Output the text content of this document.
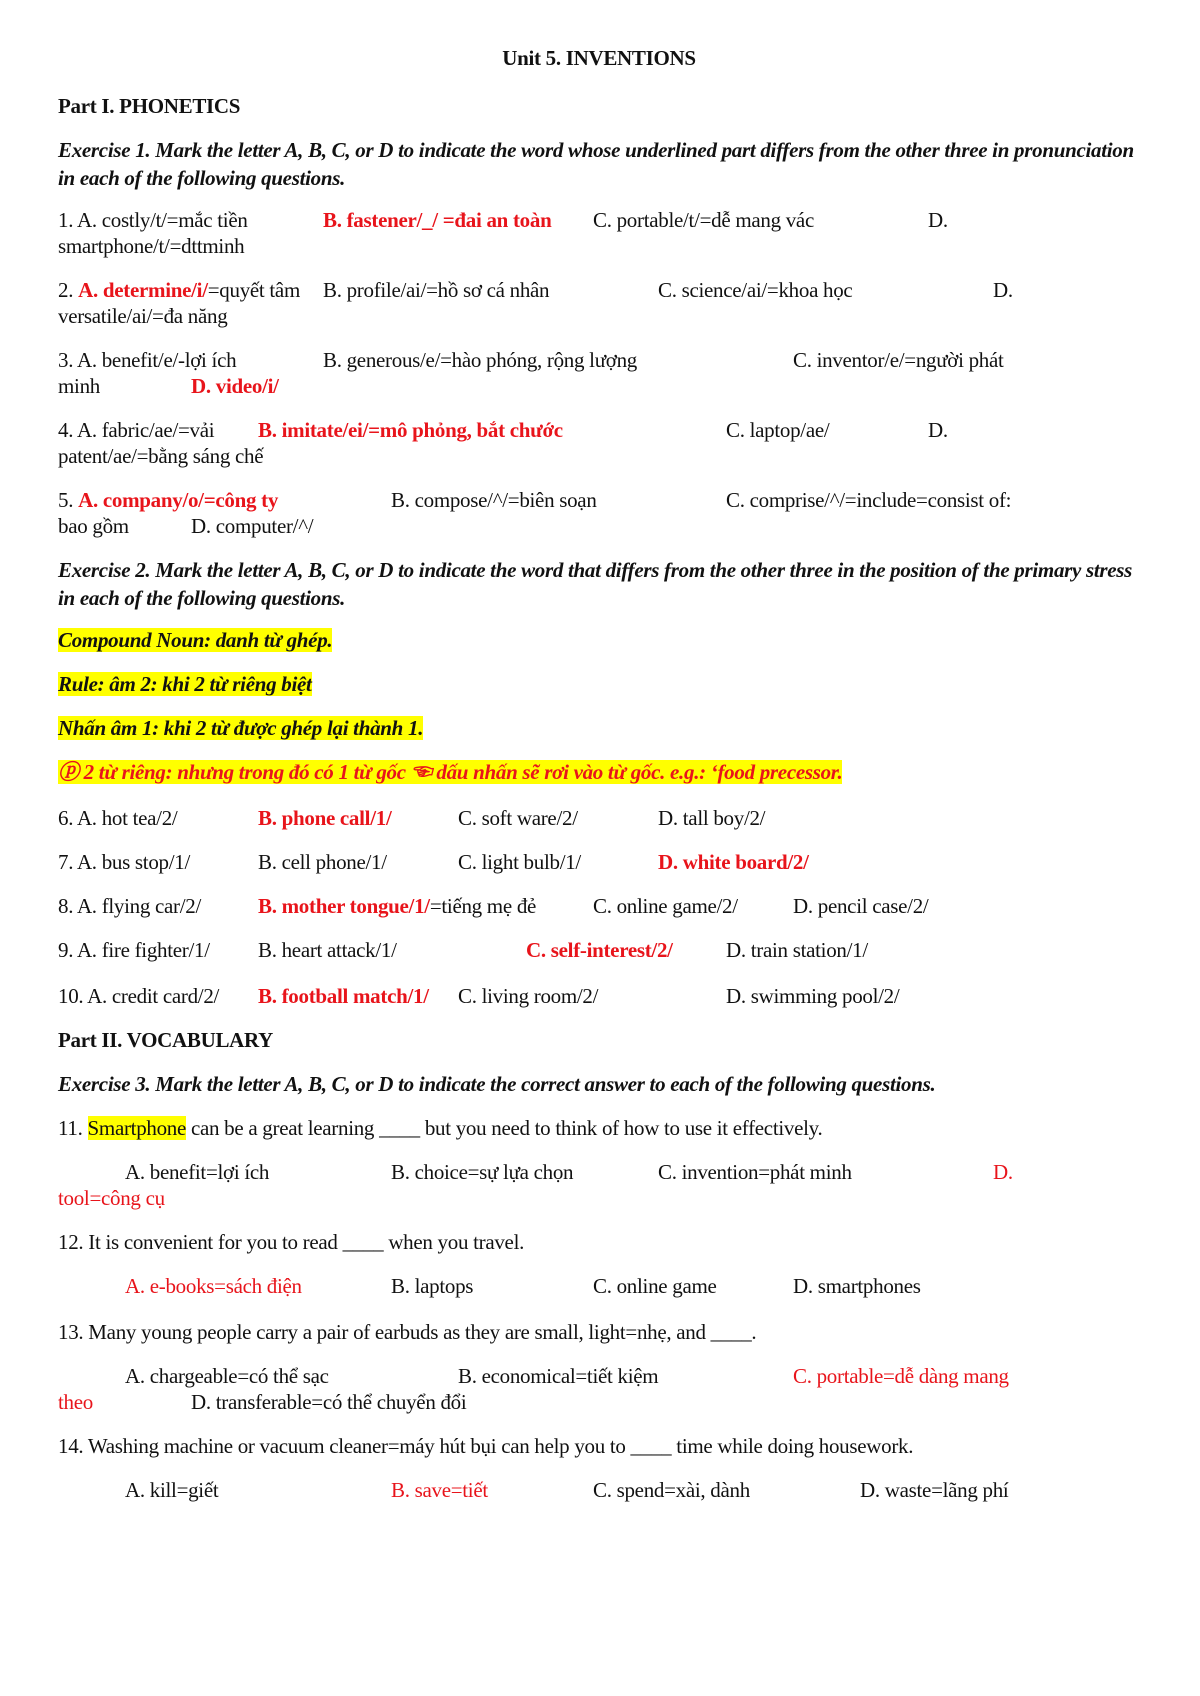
Unit 5. INVENTIONS
Part I. PHONETICS
Exercise 1. Mark the letter A, B, C, or D to indicate the word whose underlined part differs from the other three in pronunciation in each of the following questions.
1. A. costly/t/=mắc tiền	B. fastener/_/ =đai an toàn C. portable/t/=dễ mang vác	D.
smartphone/t/=dttminh
2. A. determine/i/=quyết tâm B. profile/ai/=hồ sơ cá nhân	C. science/ai/=khoa học	D.
versatile/ai/=đa năng
3. A. benefit/e/-lợi ích	B. generous/e/=hào phóng, rộng lượng	C. inventor/e/=người phát
minh	D. video/i/
4. A. fabric/ae/=vải B. imitate/ei/=mô phỏng, bắt chước	C. laptop/ae/	D.
patent/ae/=bằng sáng chế
5. A. company/o/=công ty	B. compose/^/=biên soạn	C. comprise/^/=include=consist of:
bao gồm	D. computer/^/
Exercise 2. Mark the letter A, B, C, or D to indicate the word that differs from the other three in the position of the primary stress in each of the following questions.
Compound Noun: danh từ ghép.
Rule: âm 2: khi 2 từ riêng biệt
Nhấn âm 1: khi 2 từ được ghép lại thành 1.
ⓟ 2 từ riêng: nhưng trong đó có 1 từ gốc ☜ dấu nhấn sẽ rơi vào từ gốc. e.g.: ‘food precessor.
6. A. hot tea/2/	B. phone call/1/	C. soft ware/2/	D. tall boy/2/
7. A. bus stop/1/	B. cell phone/1/	C. light bulb/1/	D. white board/2/
8. A. flying car/2/	B. mother tongue/1/=tiếng mẹ đẻ	C. online game/2/	D. pencil case/2/
9. A. fire fighter/1/ B. heart attack/1/	C. self-interest/2/	D. train station/1/
10. A. credit card/2/ B. football match/1/ C. living room/2/	D. swimming pool/2/
Part II. VOCABULARY
Exercise 3. Mark the letter A, B, C, or D to indicate the correct answer to each of the following questions.
11. Smartphone can be a great learning ____ but you need to think of how to use it effectively.
A. benefit=lợi ích	B. choice=sự lựa chọn	C. invention=phát minh	D.
tool=công cụ
12. It is convenient for you to read ____ when you travel.
A. e-books=sách điện	B. laptops	C. online game	D. smartphones
13. Many young people carry a pair of earbuds as they are small, light=nhẹ, and ____.
A. chargeable=có thể sạc	B. economical=tiết kiệm	C. portable=dễ dàng mang
theo	D. transferable=có thể chuyển đổi
14. Washing machine or vacuum cleaner=máy hút bụi can help you to ____ time while doing housework.
A. kill=giết	B. save=tiết	C. spend=xài, dành	D. waste=lãng phí
